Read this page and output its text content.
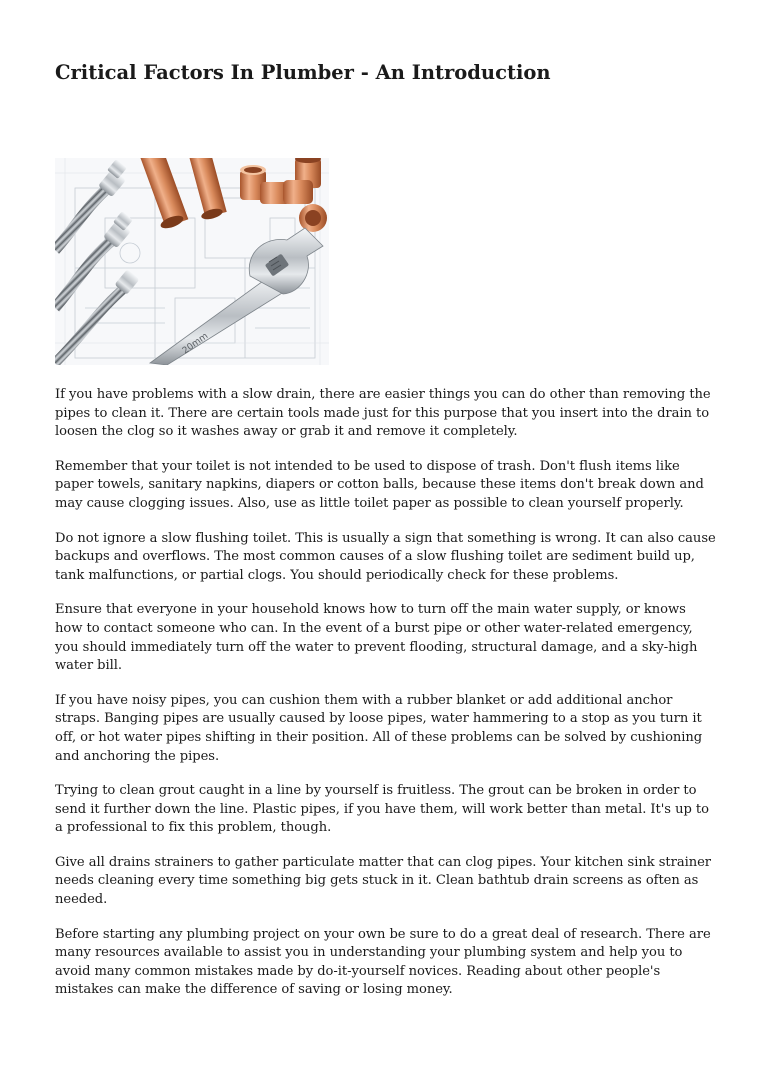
Critical Factors In Plumber - An Introduction
20mm

If you have problems with a slow drain, there are easier things you can do other than removing the pipes to clean it. There are certain tools made just for this purpose that you insert into the drain to loosen the clog so it washes away or grab it and remove it completely.

Remember that your toilet is not intended to be used to dispose of trash. Don't flush items like paper towels, sanitary napkins, diapers or cotton balls, because these items don't break down and may cause clogging issues. Also, use as little toilet paper as possible to clean yourself properly.

Do not ignore a slow flushing toilet. This is usually a sign that something is wrong. It can also cause backups and overflows. The most common causes of a slow flushing toilet are sediment build up, tank malfunctions, or partial clogs. You should periodically check for these problems.

Ensure that everyone in your household knows how to turn off the main water supply, or knows how to contact someone who can. In the event of a burst pipe or other water-related emergency, you should immediately turn off the water to prevent flooding, structural damage, and a sky-high water bill.

If you have noisy pipes, you can cushion them with a rubber blanket or add additional anchor straps. Banging pipes are usually caused by loose pipes, water hammering to a stop as you turn it off, or hot water pipes shifting in their position. All of these problems can be solved by cushioning and anchoring the pipes.

Trying to clean grout caught in a line by yourself is fruitless. The grout can be broken in order to send it further down the line. Plastic pipes, if you have them, will work better than metal. It's up to a professional to fix this problem, though.

Give all drains strainers to gather particulate matter that can clog pipes. Your kitchen sink strainer needs cleaning every time something big gets stuck in it. Clean bathtub drain screens as often as needed.

Before starting any plumbing project on your own be sure to do a great deal of research. There are many resources available to assist you in understanding your plumbing system and help you to avoid many common mistakes made by do-it-yourself novices. Reading about other people's mistakes can make the difference of saving or losing money.
